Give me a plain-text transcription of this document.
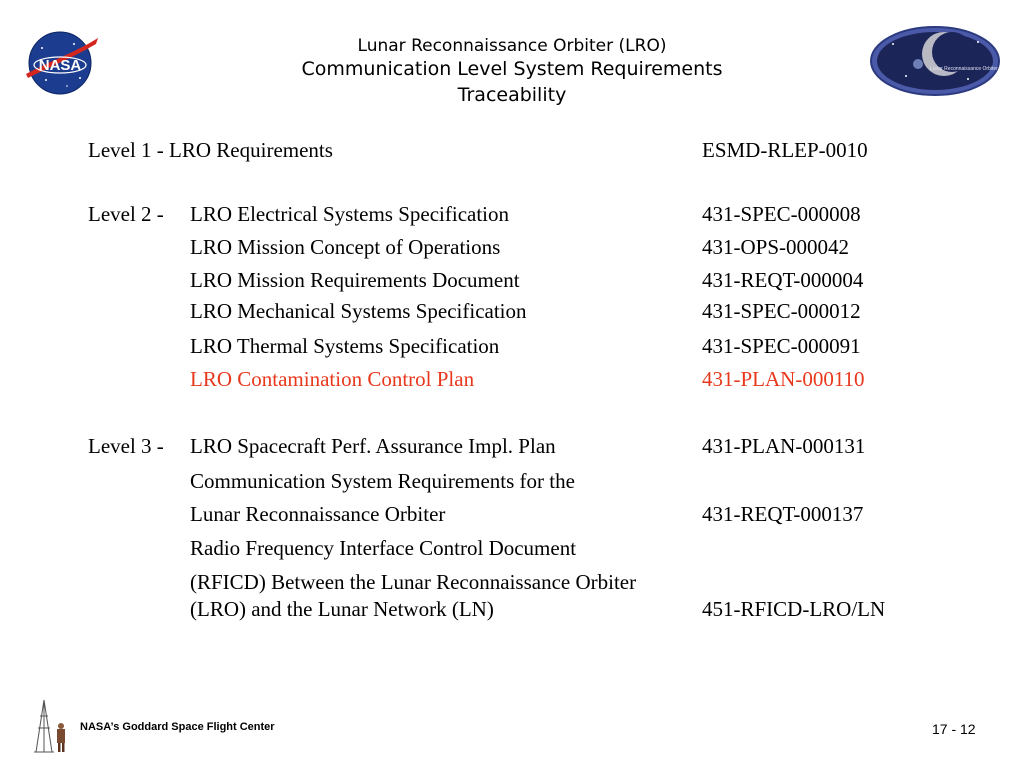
NASA	Lunar Reconnaissance Orbiter
Lunar Reconnaissance Orbiter (LRO)
Communication Level System Requirements
Traceability
Level 1 - LRO Requirements	ESMD-RLEP-0010
Level 2 - LRO Electrical Systems Specification	431-SPEC-000008
LRO Mission Concept of Operations	431-OPS-000042
LRO Mission Requirements Document	431-REQT-000004
LRO Mechanical Systems Specification	431-SPEC-000012
LRO Thermal Systems Specification	431-SPEC-000091
LRO Contamination Control Plan	431-PLAN-000110
Level 3 - LRO Spacecraft Perf. Assurance Impl. Plan	431-PLAN-000131
Communication System Requirements for the
Lunar Reconnaissance Orbiter	431-REQT-000137
Radio Frequency Interface Control Document
(RFICD) Between the Lunar Reconnaissance Orbiter
(LRO) and the Lunar Network (LN)	451-RFICD-LRO/LN
NASA’s Goddard Space Flight Center	17 - 12
